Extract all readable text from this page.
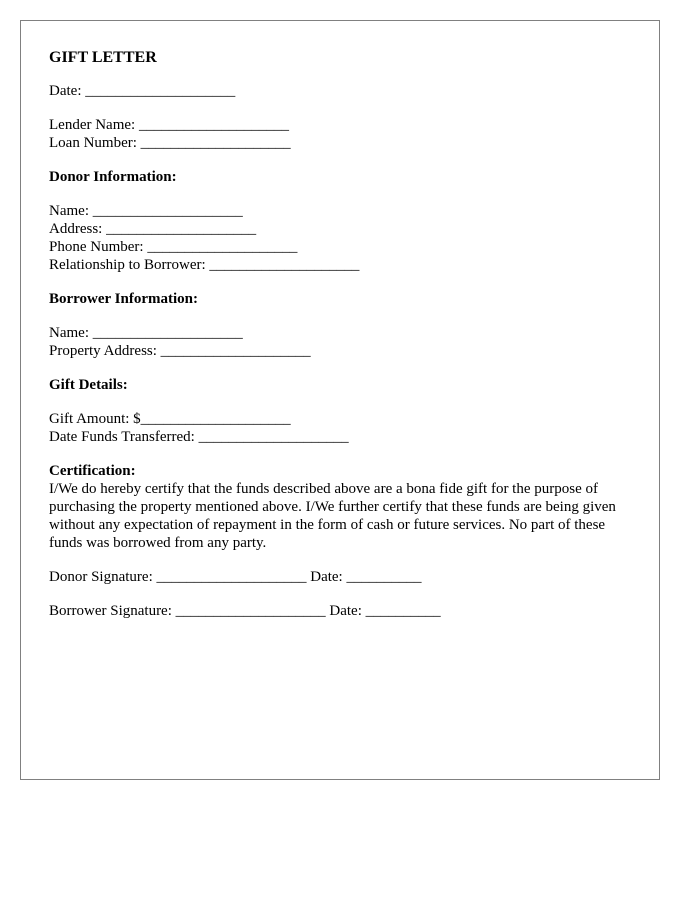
GIFT LETTER
Date: ____________________
Lender Name: ____________________
Loan Number: ____________________
Donor Information:
Name: ____________________
Address: ____________________
Phone Number: ____________________
Relationship to Borrower: ____________________
Borrower Information:
Name: ____________________
Property Address: ____________________
Gift Details:
Gift Amount: $____________________
Date Funds Transferred: ____________________
Certification:

I/We do hereby certify that the funds described above are a bona fide gift for the purpose of purchasing the property mentioned above. I/We further certify that these funds are being given without any expectation of repayment in the form of cash or future services. No part of these funds was borrowed from any party.

Donor Signature: ____________________ Date: __________
Borrower Signature: ____________________ Date: __________
